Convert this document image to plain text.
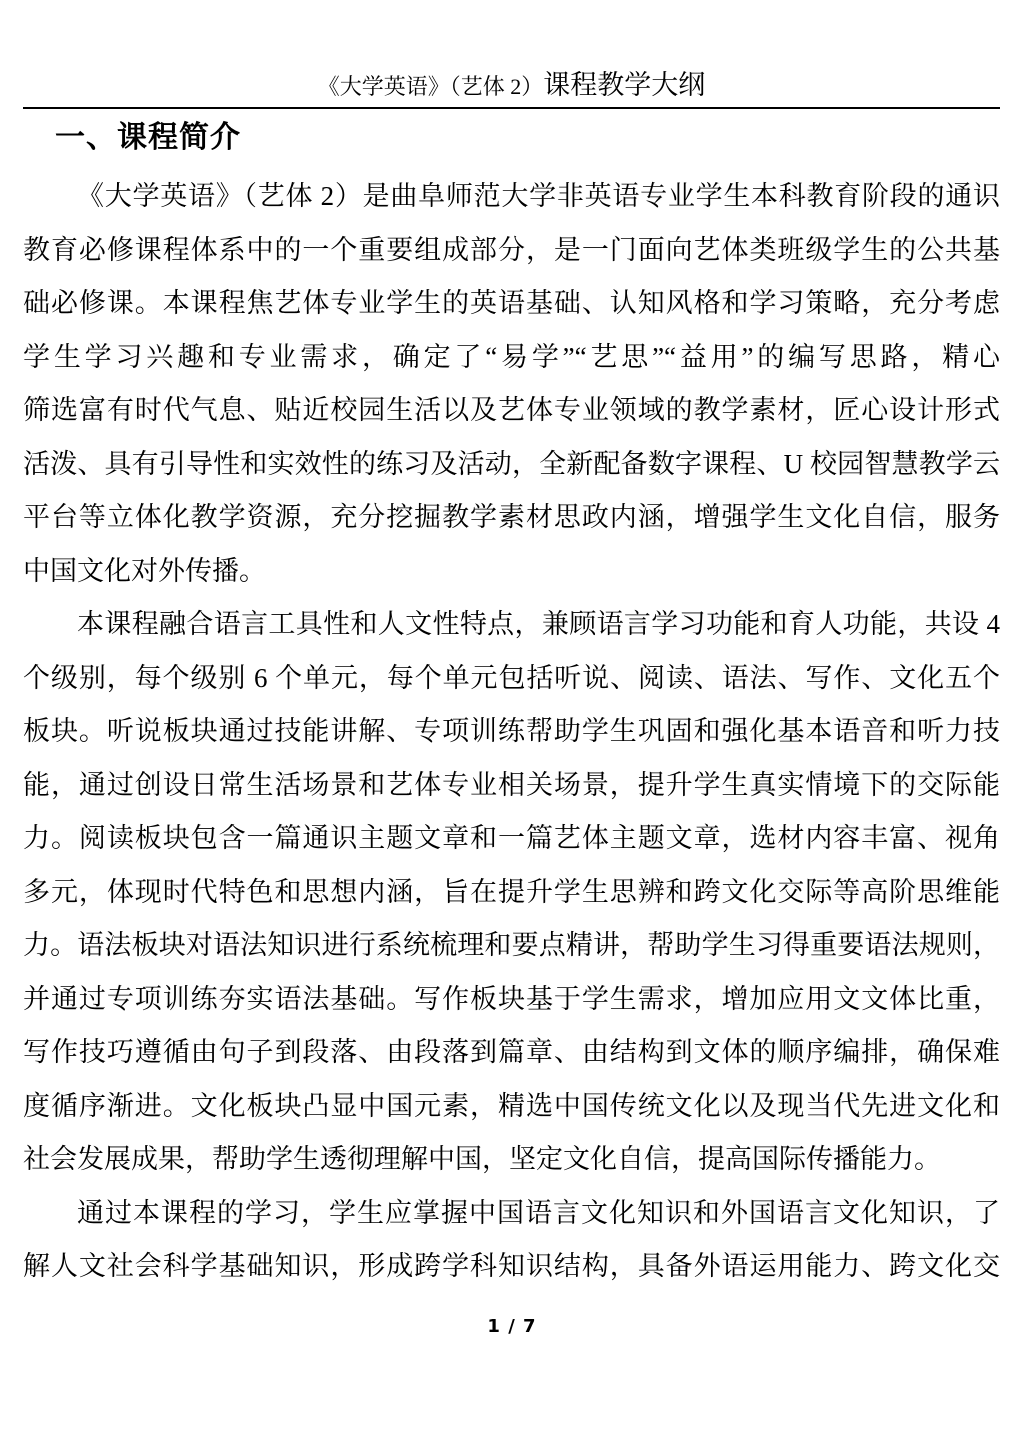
《大学英语》（艺体 2）课程教学大纲
一、课程简介
《大学英语》（艺体 2）是曲阜师范大学非英语专业学生本科教育阶段的通识
教育必修课程体系中的一个重要组成部分，是一门面向艺体类班级学生的公共基
础必修课。本课程焦艺体专业学生的英语基础、认知风格和学习策略，充分考虑
学生学习兴趣和专业需求，确定了“易学”“艺思”“益用”的编写思路，精心
筛选富有时代气息、贴近校园生活以及艺体专业领域的教学素材，匠心设计形式
活泼、具有引导性和实效性的练习及活动，全新配备数字课程、U 校园智慧教学云
平台等立体化教学资源，充分挖掘教学素材思政内涵，增强学生文化自信，服务
中国文化对外传播。
本课程融合语言工具性和人文性特点，兼顾语言学习功能和育人功能，共设 4
个级别，每个级别 6 个单元，每个单元包括听说、阅读、语法、写作、文化五个
板块。听说板块通过技能讲解、专项训练帮助学生巩固和强化基本语音和听力技
能，通过创设日常生活场景和艺体专业相关场景，提升学生真实情境下的交际能
力。阅读板块包含一篇通识主题文章和一篇艺体主题文章，选材内容丰富、视角
多元，体现时代特色和思想内涵，旨在提升学生思辨和跨文化交际等高阶思维能
力。语法板块对语法知识进行系统梳理和要点精讲，帮助学生习得重要语法规则，
并通过专项训练夯实语法基础。写作板块基于学生需求，增加应用文文体比重，
写作技巧遵循由句子到段落、由段落到篇章、由结构到文体的顺序编排，确保难
度循序渐进。文化板块凸显中国元素，精选中国传统文化以及现当代先进文化和
社会发展成果，帮助学生透彻理解中国，坚定文化自信，提高国际传播能力。
通过本课程的学习，学生应掌握中国语言文化知识和外国语言文化知识，了
解人文社会科学基础知识，形成跨学科知识结构，具备外语运用能力、跨文化交
1 / 7
